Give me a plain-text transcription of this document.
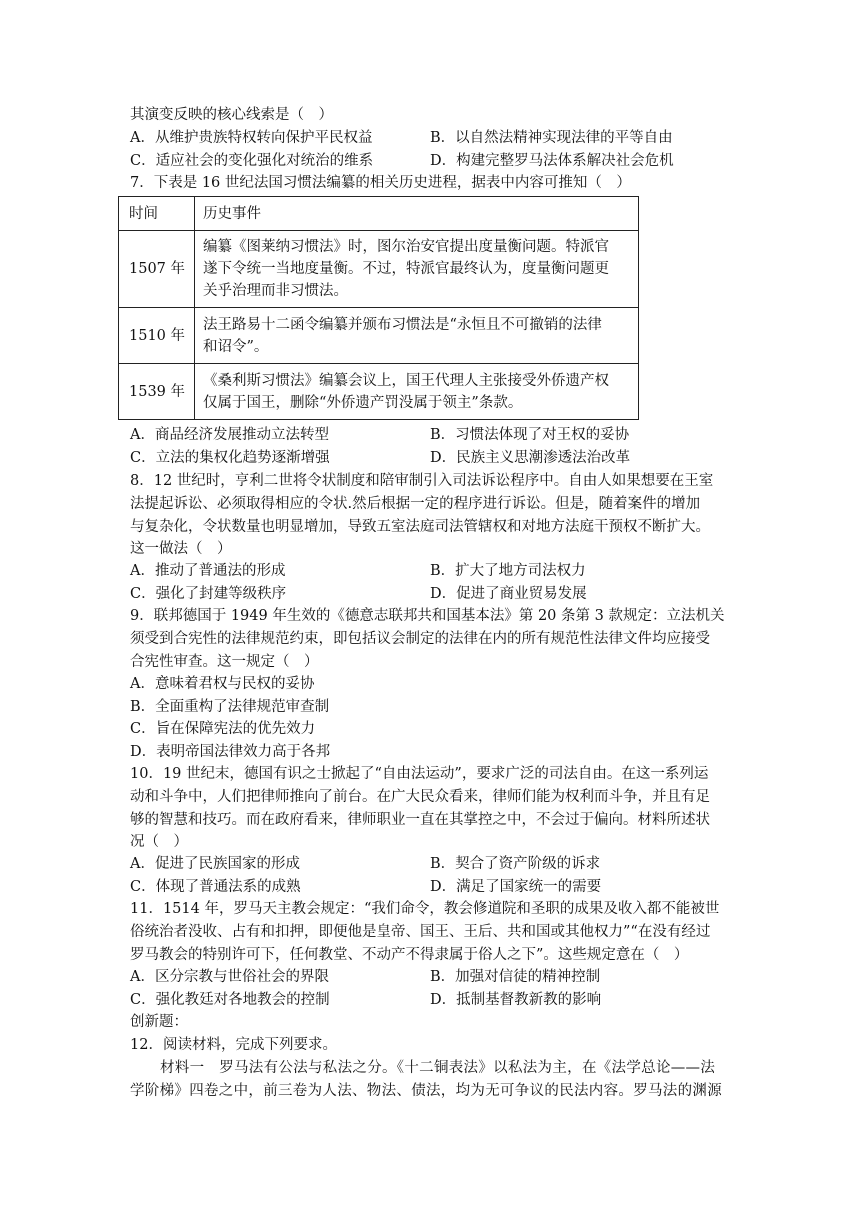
其演变反映的核心线索是（　）
A．从维护贵族特权转向保护平民权益	B．以自然法精神实现法律的平等自由
C．适应社会的变化强化对统治的维系	D．构建完整罗马法体系解决社会危机
7．下表是 16 世纪法国习惯法编纂的相关历史进程，据表中内容可推知（　）
时间	历史事件
1507 年	编纂《图莱纳习惯法》时，图尔治安官提出度量衡问题。特派官
遂下令统一当地度量衡。不过，特派官最终认为，度量衡问题更
关乎治理而非习惯法。

1510 年	法王路易十二函令编纂并颁布习惯法是“永恒且不可撤销的法律
和诏令”。

1539 年	《桑利斯习惯法》编纂会议上，国王代理人主张接受外侨遗产权
仅属于国王，删除“外侨遗产罚没属于领主”条款。
A．商品经济发展推动立法转型	B．习惯法体现了对王权的妥协
C．立法的集权化趋势逐渐增强	D．民族主义思潮渗透法治改革
8．12 世纪时，亨利二世将令状制度和陪审制引入司法诉讼程序中。自由人如果想要在王室
法提起诉讼、必须取得相应的令状.然后根据一定的程序进行诉讼。但是，随着案件的增加
与复杂化，令状数量也明显增加，导致五室法庭司法管辖权和对地方法庭干预权不断扩大。
这一做法（　）
A．推动了普通法的形成	B．扩大了地方司法权力
C．强化了封建等级秩序	D．促进了商业贸易发展
9．联邦德国于 1949 年生效的《德意志联邦共和国基本法》第 20 条第 3 款规定：立法机关
须受到合宪性的法律规范约束，即包括议会制定的法律在内的所有规范性法律文件均应接受
合宪性审查。这一规定（　）
A．意味着君权与民权的妥协
B．全面重构了法律规范审查制
C．旨在保障宪法的优先效力
D．表明帝国法律效力高于各邦
10．19 世纪末，德国有识之士掀起了“自由法运动”，要求广泛的司法自由。在这一系列运
动和斗争中，人们把律师推向了前台。在广大民众看来，律师们能为权利而斗争，并且有足
够的智慧和技巧。而在政府看来，律师职业一直在其掌控之中，不会过于偏向。材料所述状
况（　）
A．促进了民族国家的形成	B．契合了资产阶级的诉求
C．体现了普通法系的成熟	D．满足了国家统一的需要
11．1514 年，罗马天主教会规定：“我们命令，教会修道院和圣职的成果及收入都不能被世
俗统治者没收、占有和扣押，即便他是皇帝、国王、王后、共和国或其他权力”“在没有经过
罗马教会的特别许可下，任何教堂、不动产不得隶属于俗人之下”。这些规定意在（　）
A．区分宗教与世俗社会的界限	B．加强对信徒的精神控制
C．强化教廷对各地教会的控制	D．抵制基督教新教的影响
创新题：
12．阅读材料，完成下列要求。
材料一　罗马法有公法与私法之分。《十二铜表法》以私法为主，在《法学总论——法
学阶梯》四卷之中，前三卷为人法、物法、债法，均为无可争议的民法内容。罗马法的渊源
